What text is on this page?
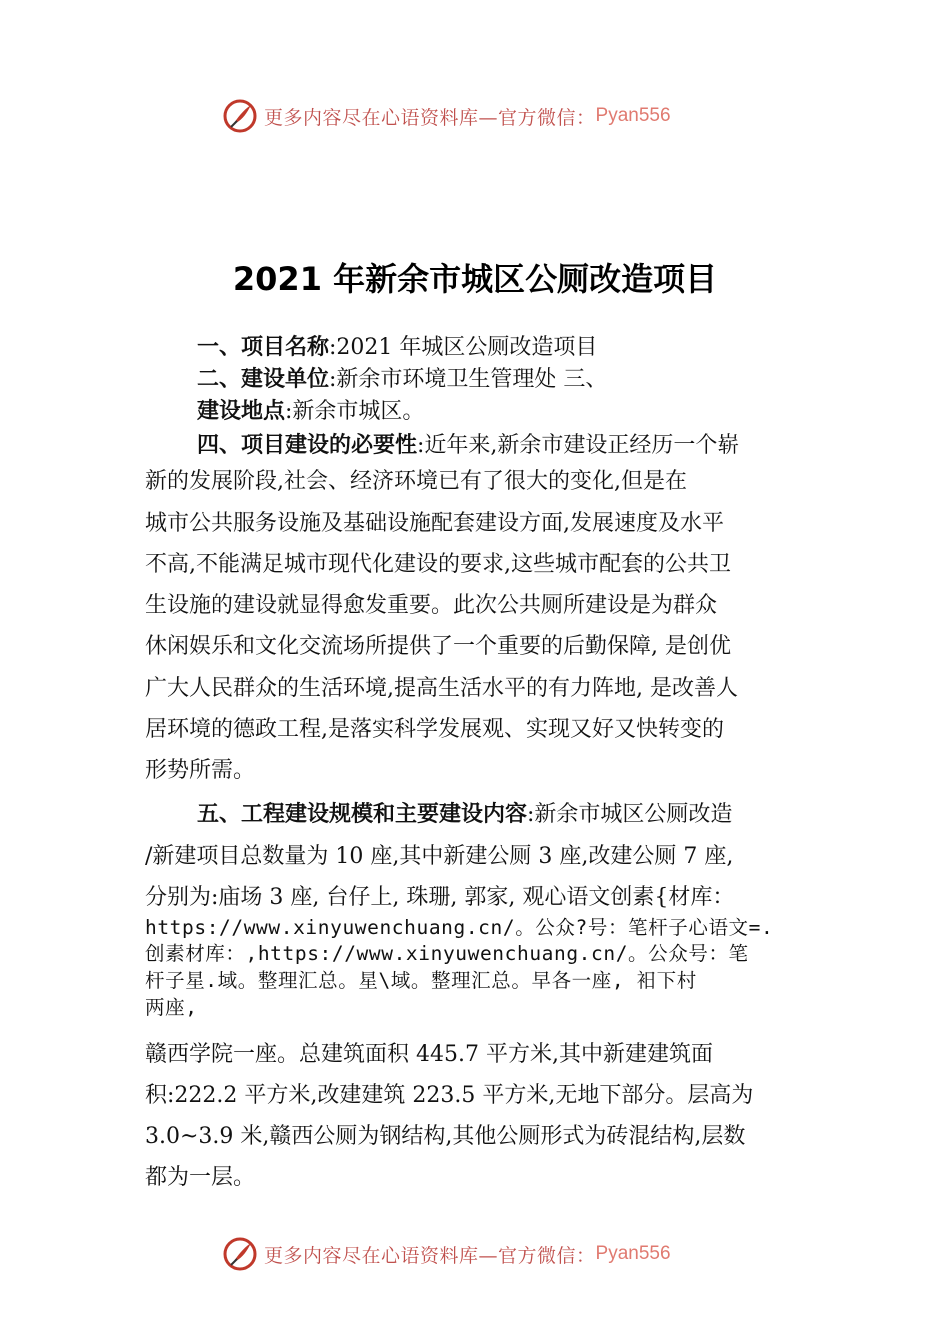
更多内容尽在心语资料库—官方微信： Pyan556
2021 年新余市城区公厕改造项目
一、项目名称:2021 年城区公厕改造项目
二、建设单位:新余市环境卫生管理处 三、
建设地点:新余市城区。
四、项目建设的必要性:近年来,新余市建设正经历一个崭
新的发展阶段,社会、经济环境已有了很大的变化,但是在
城市公共服务设施及基础设施配套建设方面,发展速度及水平
不高,不能满足城市现代化建设的要求,这些城市配套的公共卫
生设施的建设就显得愈发重要。此次公共厕所建设是为群众
休闲娱乐和文化交流场所提供了一个重要的后勤保障, 是创优
广大人民群众的生活环境,提高生活水平的有力阵地, 是改善人
居环境的德政工程,是落实科学发展观、实现又好又快转变的
形势所需。
五、工程建设规模和主要建设内容:新余市城区公厕改造
/新建项目总数量为 10 座,其中新建公厕 3 座,改建公厕 7 座,
分别为:庙场 3 座, 台仔上, 珠珊, 郭家, 观心语文创素{材库：
https://www.xinyuwenchuang.cn/。公众?号：笔杆子心语文=.
创素材库：,https://www.xinyuwenchuang.cn/。公众号：笔
杆子星.域。整理汇总。星\域。整理汇总。早各一座, 衵下村
两座,
赣西学院一座。总建筑面积 445.7 平方米,其中新建建筑面
积:222.2 平方米,改建建筑 223.5 平方米,无地下部分。层高为
3.0~3.9 米,赣西公厕为钢结构,其他公厕形式为砖混结构,层数
都为一层。
更多内容尽在心语资料库—官方微信： Pyan556
